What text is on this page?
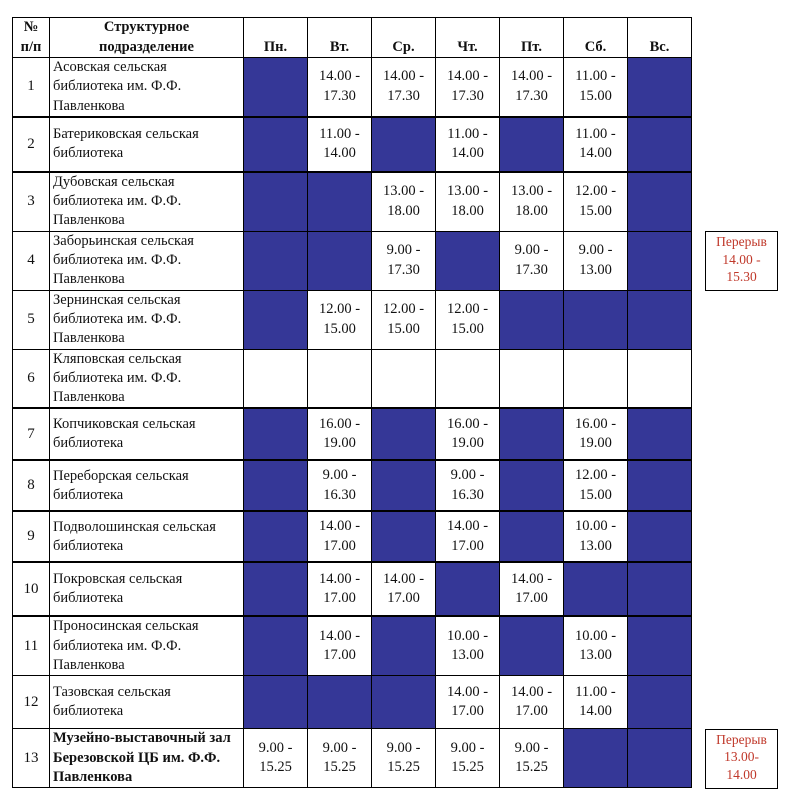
№
п/п	Структурное
подразделение	Пн.	Вт.	Ср.	Чт.	Пт.	Сб.	Вс.
1	Асовская сельская
библиотека им. Ф.Ф.
Павленкова		14.00 -
17.30	14.00 -
17.30	14.00 -
17.30	14.00 -
17.30	11.00 -
15.00	
2	Батериковская сельская
библиотека		11.00 -
14.00		11.00 -
14.00		11.00 -
14.00	
3	Дубовская сельская
библиотека им. Ф.Ф.
Павленкова			13.00 -
18.00	13.00 -
18.00	13.00 -
18.00	12.00 -
15.00	
4	Заборьинская сельская
библиотека им. Ф.Ф.
Павленкова			9.00 -
17.30		9.00 -
17.30	9.00 -
13.00	
5	Зернинская сельская
библиотека им. Ф.Ф.
Павленкова		12.00 -
15.00	12.00 -
15.00	12.00 -
15.00			
6	Кляповская сельская
библиотека им. Ф.Ф.
Павленкова							
7	Копчиковская сельская
библиотека		16.00 -
19.00		16.00 -
19.00		16.00 -
19.00	
8	Переборская сельская
библиотека		9.00 -
16.30		9.00 -
16.30		12.00 -
15.00	
9	Подволошинская сельская
библиотека		14.00 -
17.00		14.00 -
17.00		10.00 -
13.00	
10	Покровская сельская
библиотека		14.00 -
17.00	14.00 -
17.00		14.00 -
17.00		
11	Проносинская сельская
библиотека им. Ф.Ф.
Павленкова		14.00 -
17.00		10.00 -
13.00		10.00 -
13.00	
12	Тазовская сельская
библиотека				14.00 -
17.00	14.00 -
17.00	11.00 -
14.00	
13	Музейно-выставочный зал
Березовской ЦБ им. Ф.Ф.
Павленкова	9.00 -
15.25	9.00 -
15.25	9.00 -
15.25	9.00 -
15.25	9.00 -
15.25		
Перерыв
14.00 -
15.30
Перерыв
13.00-
14.00
